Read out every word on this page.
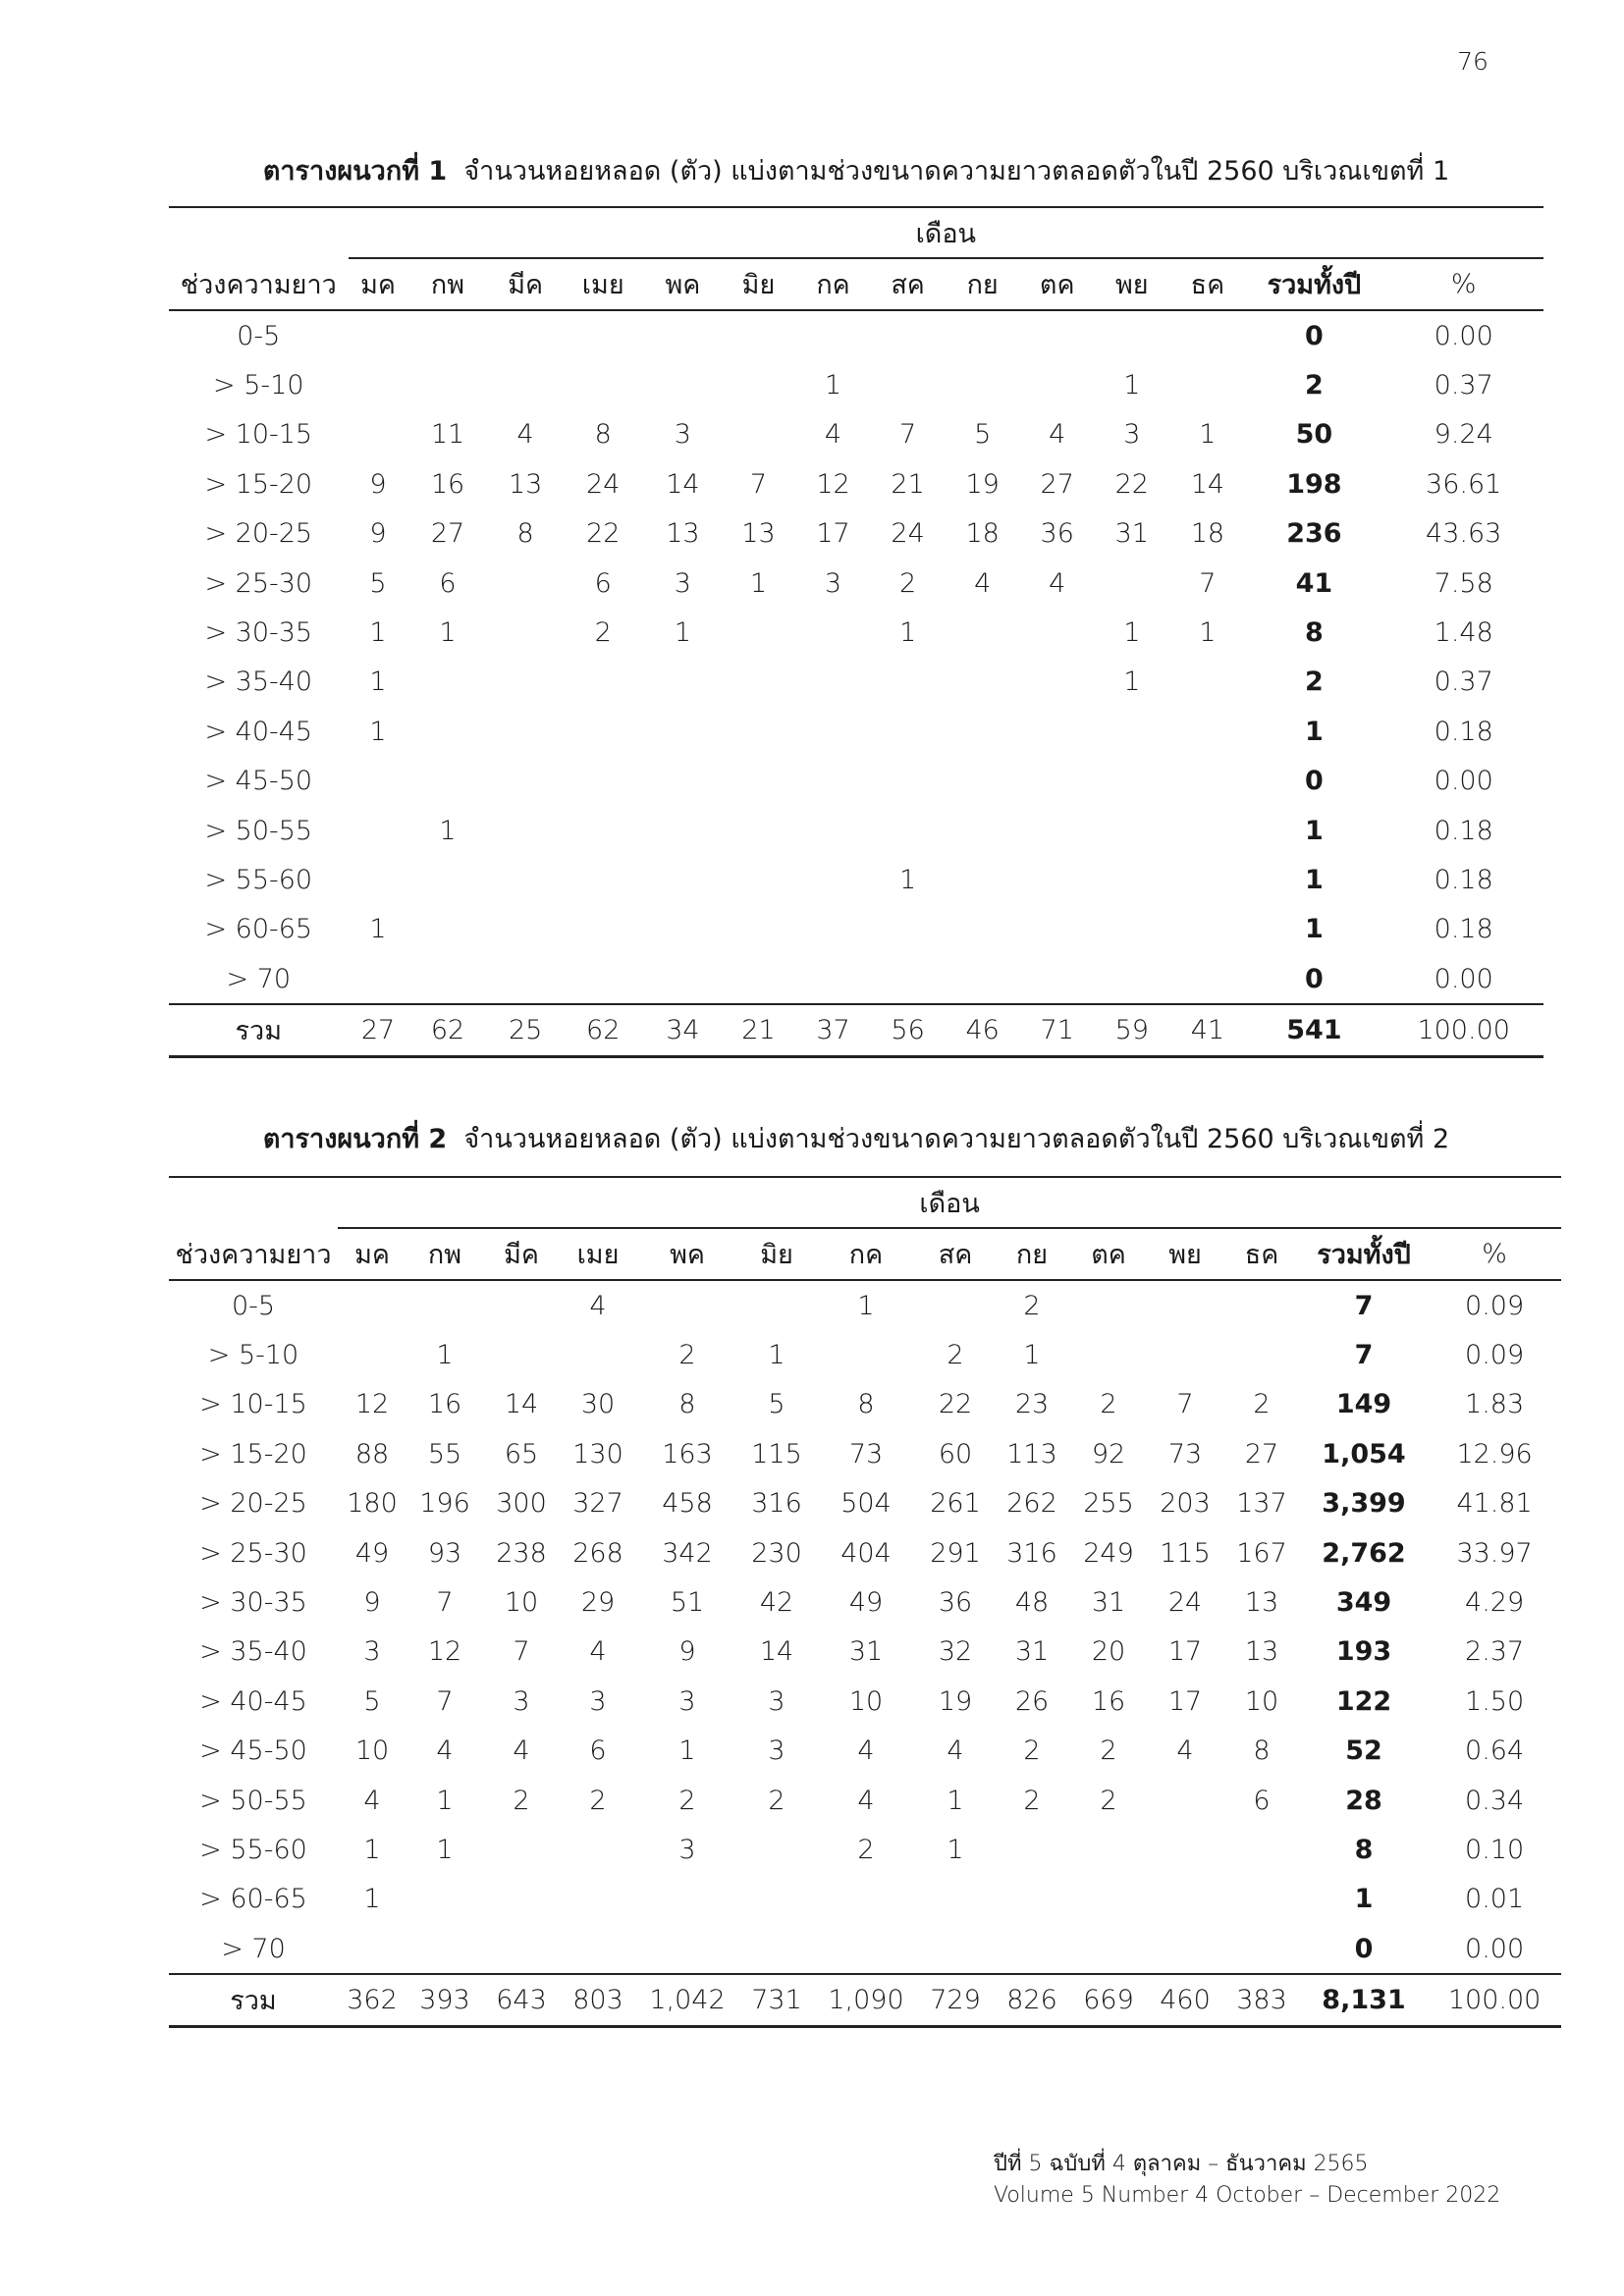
76
ตารางผนวกที่ 1 จำนวนหอยหลอด (ตัว) แบ่งตามช่วงขนาดความยาวตลอดตัวในปี 2560 บริเวณเขตที่ 1
	เดือน													
ช่วงความยาว	มค	กพ	มีค	เมย	พค	มิย	กค	สค	กย	ตค	พย	ธค	รวมทั้งปี	%
0-5													0	0.00
> 5-10							1				1		2	0.37
> 10-15		11	4	8	3		4	7	5	4	3	1	50	9.24
> 15-20	9	16	13	24	14	7	12	21	19	27	22	14	198	36.61
> 20-25	9	27	8	22	13	13	17	24	18	36	31	18	236	43.63
> 25-30	5	6		6	3	1	3	2	4	4		7	41	7.58
> 30-35	1	1		2	1			1			1	1	8	1.48
> 35-40	1										1		2	0.37
> 40-45	1												1	0.18
> 45-50													0	0.00
> 50-55		1											1	0.18
> 55-60								1					1	0.18
> 60-65	1												1	0.18
> 70													0	0.00
รวม	27	62	25	62	34	21	37	56	46	71	59	41	541	100.00
ตารางผนวกที่ 2 จำนวนหอยหลอด (ตัว) แบ่งตามช่วงขนาดความยาวตลอดตัวในปี 2560 บริเวณเขตที่ 2
	เดือน													
ช่วงความยาว	มค	กพ	มีค	เมย	พค	มิย	กค	สค	กย	ตค	พย	ธค	รวมทั้งปี	%
0-5				4			1		2				7	0.09
> 5-10		1			2	1		2	1				7	0.09
> 10-15	12	16	14	30	8	5	8	22	23	2	7	2	149	1.83
> 15-20	88	55	65	130	163	115	73	60	113	92	73	27	1,054	12.96
> 20-25	180	196	300	327	458	316	504	261	262	255	203	137	3,399	41.81
> 25-30	49	93	238	268	342	230	404	291	316	249	115	167	2,762	33.97
> 30-35	9	7	10	29	51	42	49	36	48	31	24	13	349	4.29
> 35-40	3	12	7	4	9	14	31	32	31	20	17	13	193	2.37
> 40-45	5	7	3	3	3	3	10	19	26	16	17	10	122	1.50
> 45-50	10	4	4	6	1	3	4	4	2	2	4	8	52	0.64
> 50-55	4	1	2	2	2	2	4	1	2	2		6	28	0.34
> 55-60	1	1			3		2	1					8	0.10
> 60-65	1												1	0.01
> 70													0	0.00
รวม	362	393	643	803	1,042	731	1,090	729	826	669	460	383	8,131	100.00
ปีที่ 5 ฉบับที่ 4 ตุลาคม – ธันวาคม 2565
Volume 5 Number 4 October – December 2022
